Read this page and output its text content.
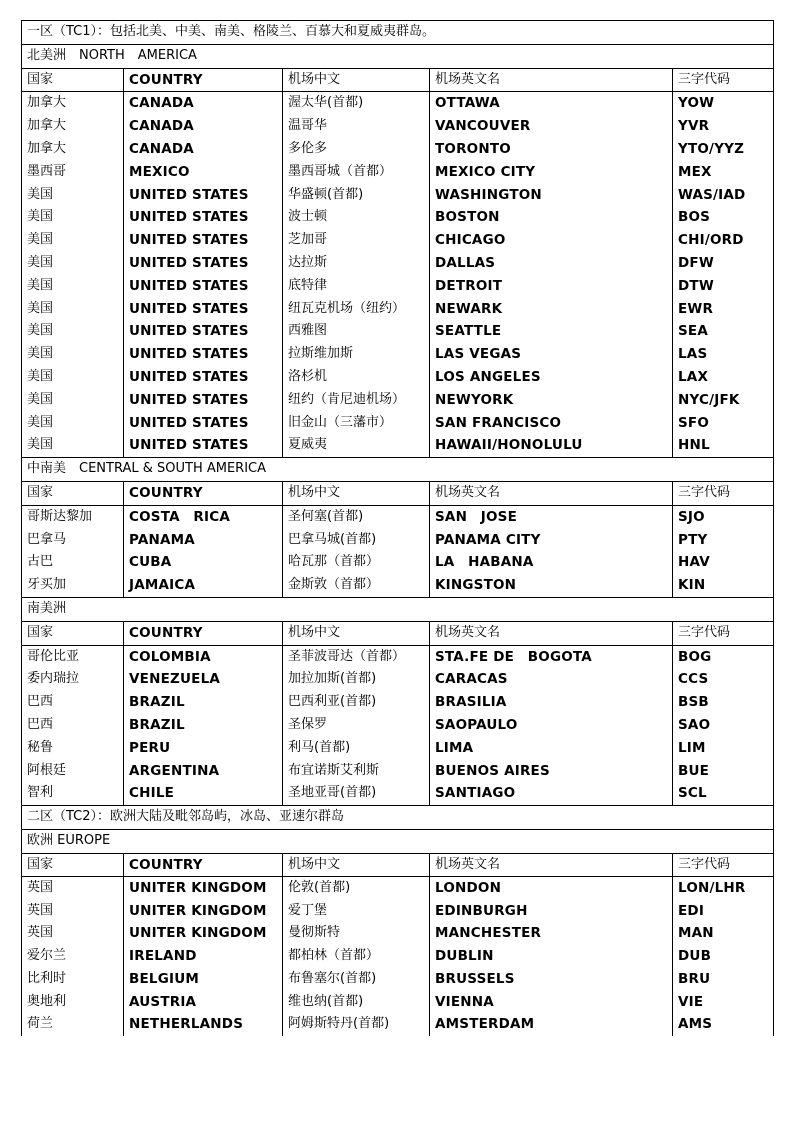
一区（TC1）：包括北美、中美、南美、格陵兰、百慕大和夏威夷群岛。				
北美洲　NORTH　AMERICA				
国家	COUNTRY	机场中文	机场英文名	三字代码
加拿大	CANADA	渥太华(首都)	OTTAWA	YOW
加拿大	CANADA	温哥华	VANCOUVER	YVR
加拿大	CANADA	多伦多	TORONTO	YTO/YYZ
墨西哥	MEXICO	墨西哥城（首都）	MEXICO CITY	MEX
美国	UNITED STATES	华盛顿(首都)	WASHINGTON	WAS/IAD
美国	UNITED STATES	波士顿	BOSTON	BOS
美国	UNITED STATES	芝加哥	CHICAGO	CHI/ORD
美国	UNITED STATES	达拉斯	DALLAS	DFW
美国	UNITED STATES	底特律	DETROIT	DTW
美国	UNITED STATES	纽瓦克机场（纽约）	NEWARK	EWR
美国	UNITED STATES	西雅图	SEATTLE	SEA
美国	UNITED STATES	拉斯维加斯	LAS VEGAS	LAS
美国	UNITED STATES	洛杉机	LOS ANGELES	LAX
美国	UNITED STATES	纽约（肯尼迪机场）	NEWYORK	NYC/JFK
美国	UNITED STATES	旧金山（三藩市）	SAN FRANCISCO	SFO
美国	UNITED STATES	夏威夷	HAWAII/HONOLULU	HNL
中南美　CENTRAL & SOUTH AMERICA				
国家	COUNTRY	机场中文	机场英文名	三字代码
哥斯达黎加	COSTA　RICA	圣何塞(首都)	SAN　JOSE	SJO
巴拿马	PANAMA	巴拿马城(首都)	PANAMA CITY	PTY
古巴	CUBA	哈瓦那（首都）	LA　HABANA	HAV
牙买加	JAMAICA	金斯敦（首都）	KINGSTON	KIN
南美洲				
国家	COUNTRY	机场中文	机场英文名	三字代码
哥伦比亚	COLOMBIA	圣菲波哥达（首都）	STA.FE DE　BOGOTA	BOG
委内瑞拉	VENEZUELA	加拉加斯(首都)	CARACAS	CCS
巴西	BRAZIL	巴西利亚(首都)	BRASILIA	BSB
巴西	BRAZIL	圣保罗	SAOPAULO	SAO
秘鲁	PERU	利马(首都)	LIMA	LIM
阿根廷	ARGENTINA	布宜诺斯艾利斯	BUENOS AIRES	BUE
智利	CHILE	圣地亚哥(首都)	SANTIAGO	SCL
二区（TC2）：欧洲大陆及毗邻岛屿，冰岛、亚速尔群岛				
欧洲 EUROPE				
国家	COUNTRY	机场中文	机场英文名	三字代码
英国	UNITER KINGDOM	伦敦(首都)	LONDON	LON/LHR
英国	UNITER KINGDOM	爱丁堡	EDINBURGH	EDI
英国	UNITER KINGDOM	曼彻斯特	MANCHESTER	MAN
爱尔兰	IRELAND	都柏林（首都）	DUBLIN	DUB
比利时	BELGIUM	布鲁塞尔(首都)	BRUSSELS	BRU
奥地利	AUSTRIA	维也纳(首都)	VIENNA	VIE
荷兰	NETHERLANDS	阿姆斯特丹(首都)	AMSTERDAM	AMS
